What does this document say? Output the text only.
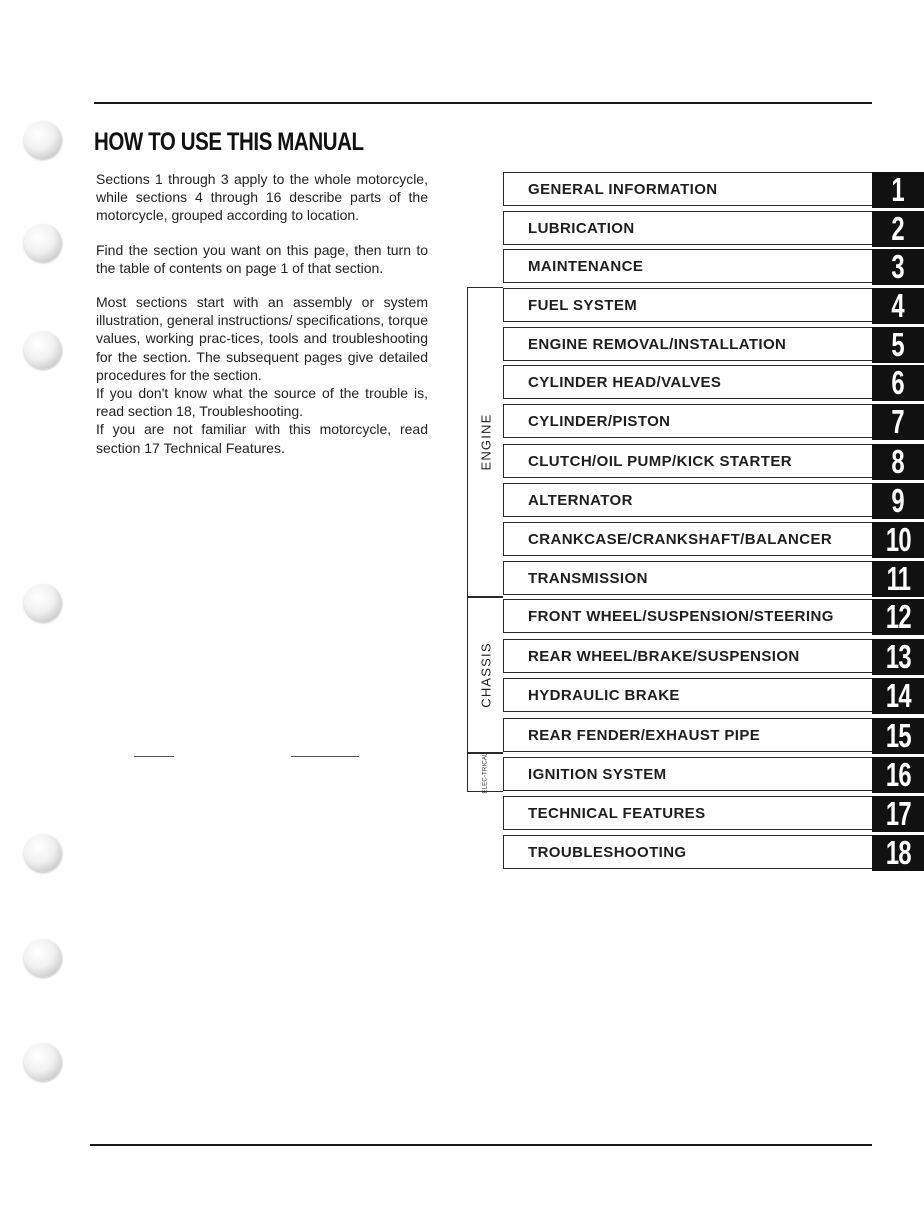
HOW TO USE THIS MANUAL

Sections 1 through 3 apply to the whole motorcycle, while sections 4 through 16 describe parts of the motorcycle, grouped according to location.

Find the section you want on this page, then turn to the table of contents on page 1 of that section.

Most sections start with an assembly or system illustration, general instructions/ specifications, torque values, working prac-tices, tools and troubleshooting for the section. The subsequent pages give detailed procedures for the section.

If you don't know what the source of the trouble is, read section 18, Troubleshooting.

If you are not familiar with this motorcycle, read section 17 Technical Features.	ENGINE
CHASSIS
ELEC-TRICAL
GENERAL INFORMATION	1
LUBRICATION	2
MAINTENANCE	3
FUEL SYSTEM	4
ENGINE REMOVAL/INSTALLATION	5
CYLINDER HEAD/VALVES	6
CYLINDER/PISTON	7
CLUTCH/OIL PUMP/KICK STARTER	8
ALTERNATOR	9
CRANKCASE/CRANKSHAFT/BALANCER	10
TRANSMISSION	11
FRONT WHEEL/SUSPENSION/STEERING	12
REAR WHEEL/BRAKE/SUSPENSION	13
HYDRAULIC BRAKE	14
REAR FENDER/EXHAUST PIPE	15
IGNITION SYSTEM	16
TECHNICAL FEATURES	17
TROUBLESHOOTING	18
